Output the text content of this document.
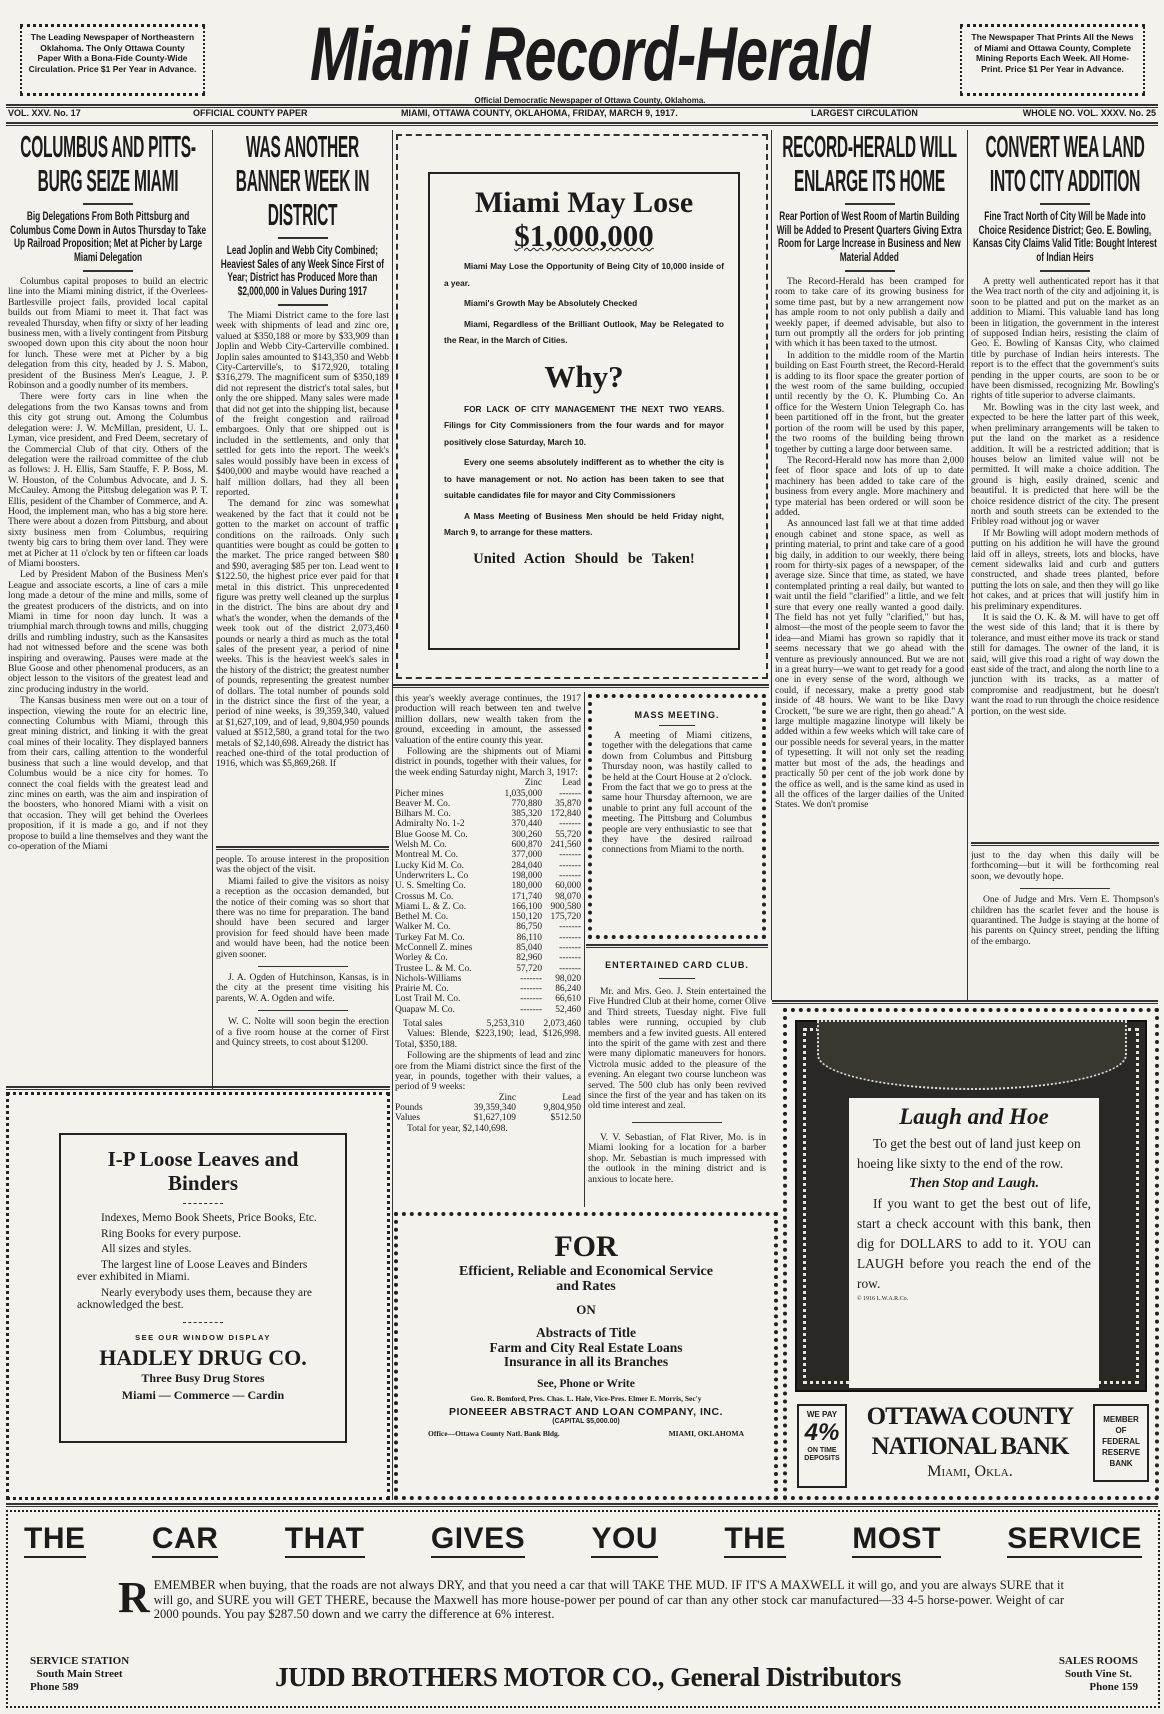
The Leading Newspaper of Northeastern Oklahoma. The Only Ottawa County Paper With a Bona-Fide County-Wide Circulation. Price $1 Per Year in Advance.	Miami Record-Herald
Official Democratic Newspaper of Ottawa County, Oklahoma.
The Newspaper That Prints All the News of Miami and Ottawa County, Complete Mining Reports Each Week. All Home-Print. Price $1 Per Year in Advance.
VOL. XXV. No. 17	OFFICIAL COUNTY PAPER	MIAMI, OTTAWA COUNTY, OKLAHOMA, FRIDAY, MARCH 9, 1917.	LARGEST CIRCULATION	WHOLE NO. VOL. XXXV. No. 25
COLUMBUS AND PITTS-BURG SEIZE MIAMI
Big Delegations From Both Pittsburg and Columbus Come Down in Autos Thursday to Take Up Railroad Proposition; Met at Picher by Large Miami Delegation

Columbus capital proposes to build an electric line into the Miami mining district, if the Overlees-Bartlesville project fails, provided local capital builds out from Miami to meet it. That fact was revealed Thursday, when fifty or sixty of her leading business men, with a lively contingent from Pitsburg swooped down upon this city about the noon hour for lunch. These were met at Picher by a big delegation from this city, headed by J. S. Mabon, president of the Business Men's League, J. P. Robinson and a goodly number of its members.

There were forty cars in line when the delegations from the two Kansas towns and from this city got strung out. Among the Columbus delegation were: J. W. McMillan, president, U. L. Lyman, vice president, and Fred Deem, secretary of the Commercial Club of that city. Others of the delegation were the railroad committee of the club as follows: J. H. Ellis, Sam Stauffe, F. P. Boss, M. W. Houston, of the Columbus Advocate, and J. S. McCauley. Among the Pittsbug delegation was P. T. Ellis, pesident of the Chamber of Commerce, and A. Hood, the implement man, who has a big store here. There were about a dozen from Pittsburg, and about sixty business men from Columbus, requiring twenty big cars to bring them over land. They were met at Picher at 11 o'clock by ten or fifteen car loads of Miami boosters.

Led by President Mabon of the Business Men's League and associate escorts, a line of cars a mile long made a detour of the mine and mills, some of the greatest producers of the districts, and on into Miami in time for noon day lunch. It was a triumphial march through towns and mills, chugging drills and rumbling industry, such as the Kansasites had not witnessed before and the scene was both inspiring and overawing. Pauses were made at the Blue Goose and other phenomenal producers, as an object lesson to the visitors of the greatest lead and zinc producing industry in the world.

The Kansas business men were out on a tour of inspection, viewing the route for an electric line, connecting Columbus with Miami, through this great mining district, and linking it with the great coal mines of their locality. They displayed banners from their cars, calling attention to the wonderful business that such a line would develop, and that Columbus would be a nice city for homes. To connect the coal fields with the greatest lead and zinc mines on earth, was the aim and inspiration of the boosters, who honored Miami with a visit on that occasion. They will get behind the Overlees proposition, if it is made a go, and if not they propose to build a line themselves and they want the co-operation of the Miami

WAS ANOTHER BANNER WEEK IN DISTRICT
Lead Joplin and Webb City Combined; Heaviest Sales of any Week Since First of Year; District has Produced More than $2,000,000 in Values During 1917

The Miami District came to the fore last week with shipments of lead and zinc ore, valued at $350,188 or more by $33,909 than Joplin and Webb City-Carterville combined. Joplin sales amounted to $143,350 and Webb City-Carterville's, to $172,920, totaling $316,279. The magnificent sum of $350,189 did not represent the district's total sales, but only the ore shipped. Many sales were made that did not get into the shipping list, because of the freight congestion and railroad embargoes. Only that ore shipped out is included in the settlements, and only that settled for gets into the report. The week's sales would possibly have been in excess of $400,000 and maybe would have reached a half million dollars, had they all been reported.

The demand for zinc was somewhat weakened by the fact that it could not be gotten to the market on account of traffic conditions on the railroads. Only such quantities were bought as could be gotten to the market. The price ranged between $80 and $90, averaging $85 per ton. Lead went to $122.50, the highest price ever paid for that metal in this district. This unprecedented figure was pretty well cleaned up the surplus in the district. The bins are about dry and what's the wonder, when the demands of the week took out of the district 2,073,460 pounds or nearly a third as much as the total sales of the present year, a period of nine weeks. This is the heaviest week's sales in the history of the district; the greatest number of pounds, representing the greatest number of dollars. The total number of pounds sold in the district since the first of the year, a period of nine weeks, is 39,359,340, valued at $1,627,109, and of lead, 9,804,950 pounds valued at $512,580, a grand total for the two metals of $2,140,698. Already the district has reached one-third of the total production of 1916, which was $5,869,268. If

people. To arouse interest in the proposition was the object of the visit.

Miami failed to give the visitors as noisy a reception as the occasion demanded, but the notice of their coming was so short that there was no time for preparation. The band should have been secured and larger provision for feed should have been made and would have been, had the notice been given sooner.

J. A. Ogden of Hutchinson, Kansas, is in the city at the present time visiting his parents, W. A. Ogden and wife.

W. C. Nolte will soon begin the erection of a five room house at the corner of First and Quincy streets, to cost about $1200.

Miami May Lose
$1,000,000

Miami May Lose the Opportunity of Being City of 10,000 inside of a year.

Miami's Growth May be Absolutely Checked

Miami, Regardless of the Brilliant Outlook, May be Relegated to the Rear, in the March of Cities.

Why?

FOR LACK OF CITY MANAGEMENT THE NEXT TWO YEARS. Filings for City Commissioners from the four wards and for mayor positively close Saturday, March 10.

Every one seems absolutely indifferent as to whether the city is to have management or not. No action has been taken to see that suitable candidates file for mayor and City Commissioners

A Mass Meeting of Business Men should be held Friday night, March 9, to arrange for these matters.

United Action Should be Taken!

this year's weekly average continues, the 1917 production will reach between ten and twelve million dollars, new wealth taken from the ground, exceeding in amount, the assessed valuation of the entire county this year.

Following are the shipments out of Miami district in pounds, together with their values, for the week ending Saturday night, March 3, 1917:

	Zinc	Lead
Picher mines	1,035,000	-------
Beaver M. Co.	770,880	35,870
Bilhars M. Co.	385,320	172,840
Admiralty No. 1-2	370,440	-------
Blue Goose M. Co.	300,260	55,720
Welsh M. Co.	600,870	241,560
Montreal M. Co.	377,000	-------
Lucky Kid M. Co.	284,040	-------
Underwriters L. Co	198,000	-------
U. S. Smelting Co.	180,000	60,000
Crossus M. Co.	171,740	98,070
Miami L. & Z. Co.	166,100	900,580
Bethel M. Co.	150,120	175,720
Walker M. Co.	86,750	-------
Turkey Fat M. Co.	86,110	-------
McConnell Z. mines	85,040	-------
Worley & Co.	82,960	-------
Trustee L. & M. Co.	57,720	-------
Nichols-Williams	-------	98,020
Prairie M. Co.	-------	86,240
Lost Trail M. Co.	-------	66,610
Quapaw M. Co.	-------	52,460
Total sales	5,253,310	2,073,460

Values: Blende, $223,190; lead, $126,998. Total, $350,188.

Following are the shipments of lead and zinc ore from the Miami district since the first of the year, in pounds, together with their values, a period of 9 weeks:

	Zinc	Lead
Pounds	39,359,340	9,804,950
Values	$1,627,109	$512.50

Total for year, $2,140,698.

MASS MEETING.

A meeting of Miami citizens, together with the delegations that came down from Columbus and Pittsburg Thursday noon, was hastily called to be held at the Court House at 2 o'clock. From the fact that we go to press at the same hour Thursday afternoon, we are unable to print any full account of the meeting. The Pittsburg and Columbus people are very enthusiastic to see that they have the desired railroad connections from Miami to the north.

ENTERTAINED CARD CLUB.

Mr. and Mrs. Geo. J. Stein entertained the Five Hundred Club at their home, corner Olive and Third streets, Tuesday night. Five full tables were running, occupied by club members and a few invited guests. All entered into the spirit of the game with zest and there were many diplomatic maneuvers for honors. Victrola music added to the pleasure of the evening. An elegant two course luncheon was served. The 500 club has only been revived since the first of the year and has taken on its old time interest and zeal.

V. V. Sebastian, of Flat River, Mo. is in Miami looking for a location for a barber shop. Mr. Sebastian is much impressed with the outlook in the mining district and is anxious to locate here.

RECORD-HERALD WILL ENLARGE ITS HOME
Rear Portion of West Room of Martin Building Will be Added to Present Quarters Giving Extra Room for Large Increase in Business and New Material Added

The Record-Herald has been cramped for room to take care of its growing business for some time past, but by a new arrangement now has ample room to not only publish a daily and weekly paper, if deemed advisable, but also to turn out promptly all the orders for job printing with which it has been taxed to the utmost.

In addition to the middle room of the Martin building on East Fourth street, the Record-Herald is adding to its floor space the greater portion of the west room of the same building, occupied until recently by the O. K. Plumbing Co. An office for the Western Union Telegraph Co. has been partitioned off in the front, but the greater portion of the room will be used by this paper, the two rooms of the building being thrown together by cutting a large door between same.

The Record-Herald now has more than 2,000 feet of floor space and lots of up to date machinery has been added to take care of the business from every angle. More machinery and type material has been ordered or will soon be added.

As announced last fall we at that time added enough cabinet and stone space, as well as printing material, to print and take care of a good big daily, in addition to our weekly, there being room for thirty-six pages of a newspaper, of the average size. Since that time, as stated, we have contemplated printing a real daily, but wanted to wait until the field "clarified" a little, and we felt sure that every one really wanted a good daily. The field has not yet fully "clarified," but has, almost—the most of the people seem to favor the idea—and Miami has grown so rapidly that it seems necessary that we go ahead with the venture as previously announced. But we are not in a great hurry—we want to get ready for a good one in every sense of the word, although we could, if necessary, make a pretty good stab inside of 48 hours. We want to be like Davy Crockett, "be sure we are right, then go ahead." A large multiple magazine linotype will likely be added within a few weeks which will take care of our possible needs for several years, in the matter of typesetting. It will not only set the reading matter but most of the ads, the headings and practically 50 per cent of the job work done by the office as well, and is the same kind as used in all the offices of the larger dailies of the United States. We don't promise

CONVERT WEA LAND INTO CITY ADDITION
Fine Tract North of City Will be Made into Choice Residence District; Geo. E. Bowling, Kansas City Claims Valid Title: Bought Interest of Indian Heirs

A pretty well authenticated report has it that the Wea tract north of the city and adjoining it, is soon to be platted and put on the market as an addition to Miami. This valuable land has long been in litigation, the government in the interest of supposed Indian heirs, resisting the claim of Geo. E. Bowling of Kansas City, who claimed title by purchase of Indian heirs interests. The report is to the effect that the government's suits pending in the upper courts, are soon to be or have been dismissed, recognizing Mr. Bowling's rights of title superior to adverse claimants.

Mr. Bowling was in the city last week, and expected to be here the latter part of this week, when preliminary arrangements will be taken to put the land on the market as a residence addition. It will be a restricted addition; that is houses below an limited value will not be permitted. It will make a choice addition. The ground is high, easily drained, scenic and beautiful. It is predicted that here will be the choice residence district of the city. The present north and south streets can be extended to the Fribley road without jog or waver

If Mr Bowling will adopt modern methods of putting on his addition he will have the ground laid off in alleys, streets, lots and blocks, have cement sidewalks laid and curb and gutters constructed, and shade trees planted, before putting the lots on sale, and then they will go like hot cakes, and at prices that will justify him in his preliminary expenditures.

It is said the O. K. & M. will have to get off the west side of this land; that it is there by tolerance, and must either move its track or stand still for damages. The owner of the land, it is said, will give this road a right of way down the east side of the tract, and along the north line to a junction with its tracks, as a matter of compromise and readjustment, but he doesn't want the road to run through the choice residence portion, on the west side.

just to the day when this daily will be forthcoming—but it will be forthcoming real soon, we devoutly hope.

One of Judge and Mrs. Vern E. Thompson's children has the scarlet fever and the house is quarantined. The Judge is staying at the home of his parents on Quincy street, pending the lifting of the embargo.

Laugh and Hoe
To get the best out of land just keep on hoeing like sixty to the end of the row.
Then Stop and Laugh.
If you want to get the best out of life, start a check account with this bank, then dig for DOLLARS to add to it. YOU can LAUGH before you reach the end of the row.
© 1916 L.W.A.R.Co.
WE PAY
4%
ON TIME DEPOSITS
OTTAWA COUNTY
NATIONAL BANK
Miami, Okla.
MEMBER OF FEDERAL RESERVE BANK
I-P Loose Leaves and Binders
Indexes, Memo Book Sheets, Price Books, Etc.
Ring Books for every purpose.
All sizes and styles.
The largest line of Loose Leaves and Binders ever exhibited in Miami.
Nearly everybody uses them, because they are acknowledged the best.
SEE OUR WINDOW DISPLAY
HADLEY DRUG CO.
Three Busy Drug Stores
Miami — Commerce — Cardin
FOR
Efficient, Reliable and Economical Service and Rates
ON
Abstracts of Title
Farm and City Real Estate Loans
Insurance in all its Branches
See, Phone or Write
Geo. R. Bomford, Pres. Chas. L. Hale, Vice-Pres. Elmer E. Morris, Sec'y
PIONEEER ABSTRACT AND LOAN COMPANY, INC.
(CAPITAL $5,000.00)
Office—Ottawa County Natl. Bank Bldg.	MIAMI, OKLAHOMA
THE CAR THAT GIVES YOU THE MOST SERVICE
R EMEMBER when buying, that the roads are not always DRY, and that you need a car that will TAKE THE MUD. IF IT'S A MAXWELL it will go, and you are always SURE that it will go, and SURE you will GET THERE, because the Maxwell has more house-power per pound of car than any other stock car manufactured—33 4-5 horse-power. Weight of car 2000 pounds. You pay $287.50 down and we carry the difference at 6% interest.
SERVICE STATION
South Main Street
Phone 589	JUDD BROTHERS MOTOR CO., General Distributors
SALES ROOMS
South Vine St.
Phone 159
